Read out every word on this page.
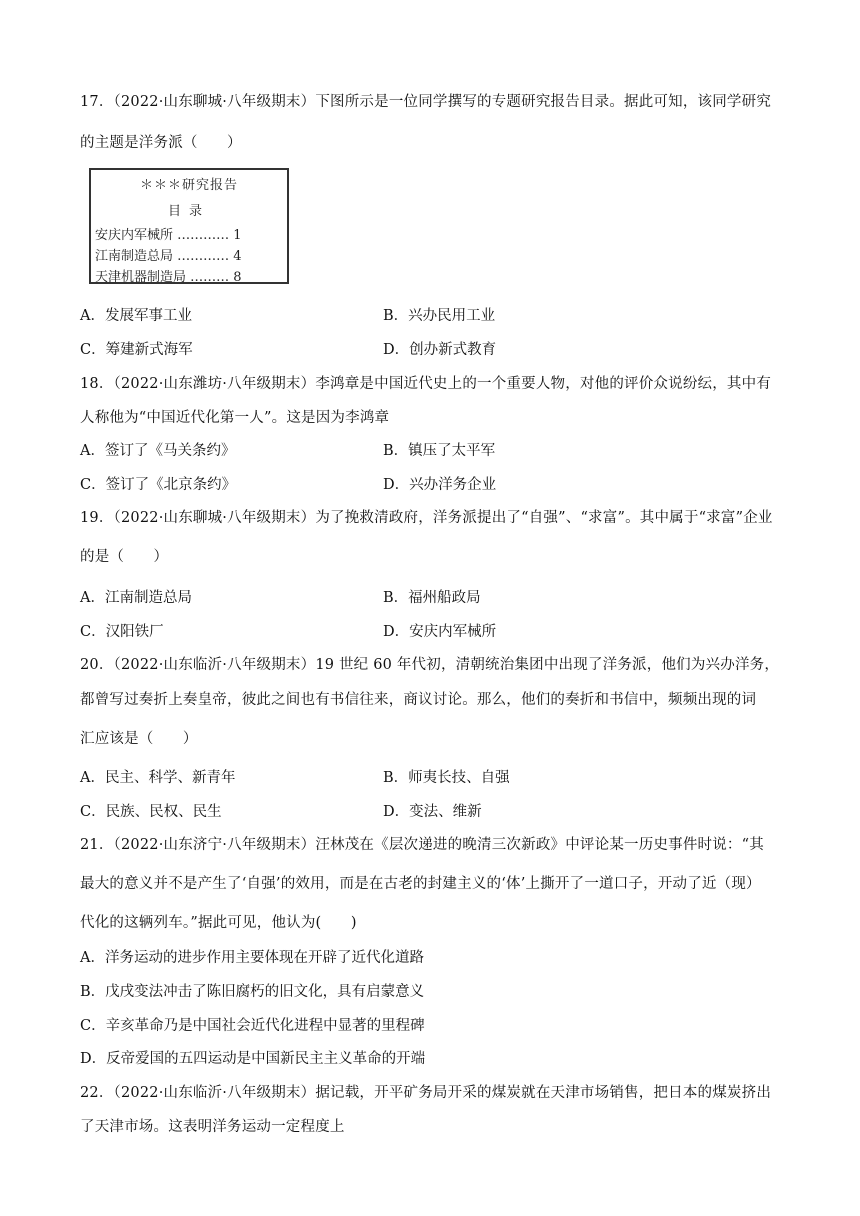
17．（2022·山东聊城·八年级期末）下图所示是一位同学撰写的专题研究报告目录。据此可知，该同学研究
的主题是洋务派（　　）
＊＊＊研究报告
目录
安庆内军械所 ………… 1
江南制造总局 ………… 4
天津机器制造局 ……… 8
A．发展军事工业	B．兴办民用工业
C．筹建新式海军	D．创办新式教育
18．（2022·山东潍坊·八年级期末）李鸿章是中国近代史上的一个重要人物，对他的评价众说纷纭，其中有
人称他为“中国近代化第一人”。这是因为李鸿章
A．签订了《马关条约》	B．镇压了太平军
C．签订了《北京条约》	D．兴办洋务企业
19．（2022·山东聊城·八年级期末）为了挽救清政府，洋务派提出了“自强”、“求富”。其中属于“求富”企业
的是（　　）
A．江南制造总局	B．福州船政局
C．汉阳铁厂	D．安庆内军械所
20．（2022·山东临沂·八年级期末）19 世纪 60 年代初，清朝统治集团中出现了洋务派，他们为兴办洋务，
都曾写过奏折上奏皇帝，彼此之间也有书信往来，商议讨论。那么，他们的奏折和书信中，频频出现的词
汇应该是（　　）
A．民主、科学、新青年	B．师夷长技、自强
C．民族、民权、民生	D．变法、维新
21．（2022·山东济宁·八年级期末）汪林茂在《层次递进的晚清三次新政》中评论某一历史事件时说：“其
最大的意义并不是产生了‘自强’的效用，而是在古老的封建主义的‘体’上撕开了一道口子，开动了近（现）
代化的这辆列车。”据此可见，他认为(　　)
A．洋务运动的进步作用主要体现在开辟了近代化道路
B．戊戌变法冲击了陈旧腐朽的旧文化，具有启蒙意义
C．辛亥革命乃是中国社会近代化进程中显著的里程碑
D．反帝爱国的五四运动是中国新民主主义革命的开端
22．（2022·山东临沂·八年级期末）据记载，开平矿务局开采的煤炭就在天津市场销售，把日本的煤炭挤出
了天津市场。这表明洋务运动一定程度上
